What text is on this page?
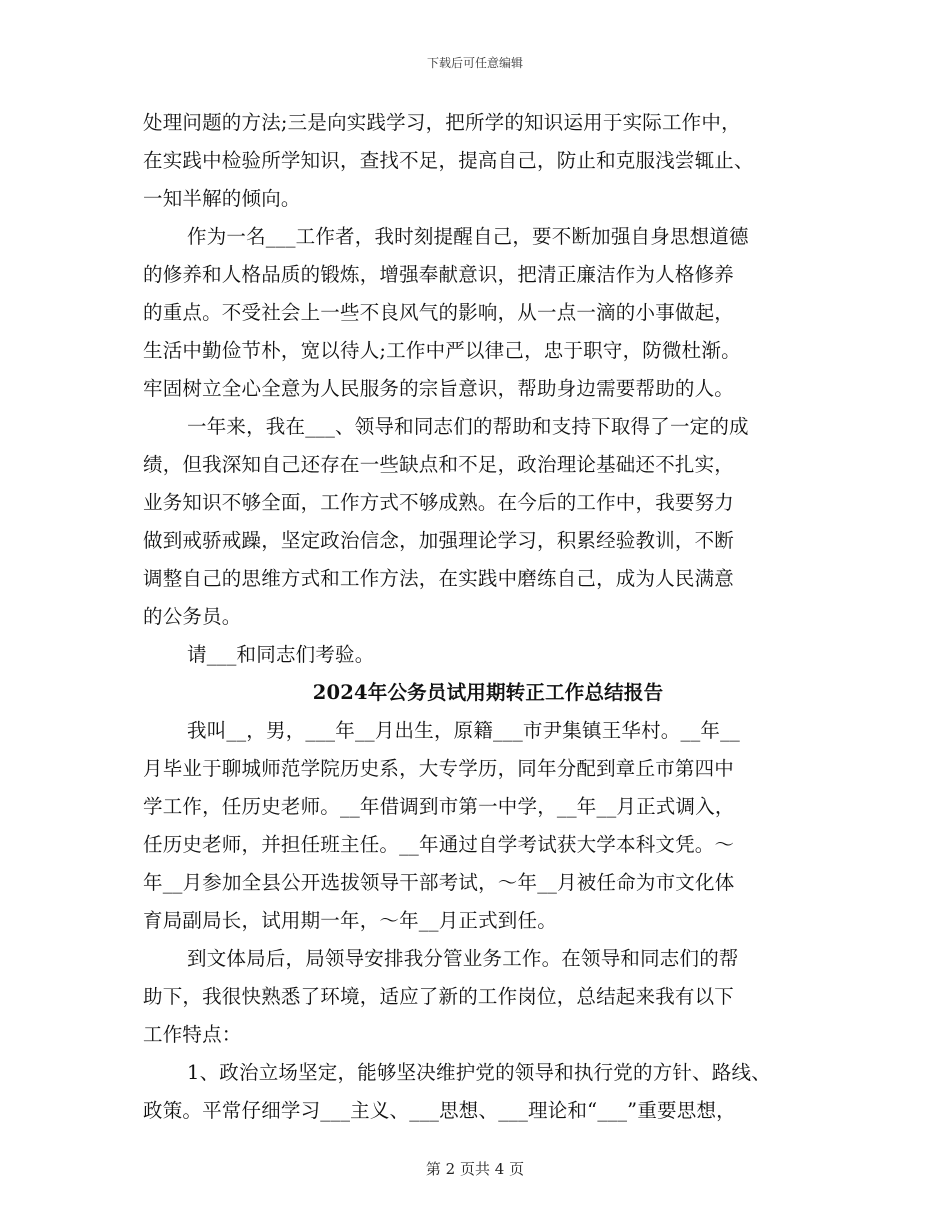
下载后可任意编辑
处理问题的方法;三是向实践学习，把所学的知识运用于实际工作中，
在实践中检验所学知识，查找不足，提高自己，防止和克服浅尝辄止、
一知半解的倾向。
作为一名___工作者，我时刻提醒自己，要不断加强自身思想道德
的修养和人格品质的锻炼，增强奉献意识，把清正廉洁作为人格修养
的重点。不受社会上一些不良风气的影响，从一点一滴的小事做起，
生活中勤俭节朴，宽以待人;工作中严以律己，忠于职守，防微杜渐。
牢固树立全心全意为人民服务的宗旨意识，帮助身边需要帮助的人。
一年来，我在___、领导和同志们的帮助和支持下取得了一定的成
绩，但我深知自己还存在一些缺点和不足，政治理论基础还不扎实，
业务知识不够全面，工作方式不够成熟。在今后的工作中，我要努力
做到戒骄戒躁，坚定政治信念，加强理论学习，积累经验教训，不断
调整自己的思维方式和工作方法，在实践中磨练自己，成为人民满意
的公务员。
请___和同志们考验。
2024年公务员试用期转正工作总结报告
我叫__，男，___年__月出生，原籍___市尹集镇王华村。__年__
月毕业于聊城师范学院历史系，大专学历，同年分配到章丘市第四中
学工作，任历史老师。__年借调到市第一中学，__年__月正式调入，
任历史老师，并担任班主任。__年通过自学考试获大学本科文凭。～
年__月参加全县公开选拔领导干部考试，～年__月被任命为市文化体
育局副局长，试用期一年，～年__月正式到任。
到文体局后，局领导安排我分管业务工作。在领导和同志们的帮
助下，我很快熟悉了环境，适应了新的工作岗位，总结起来我有以下
工作特点：
1、政治立场坚定，能够坚决维护党的领导和执行党的方针、路线、
政策。平常仔细学习___主义、___思想、___理论和“___”重要思想，
第 2 页共 4 页
